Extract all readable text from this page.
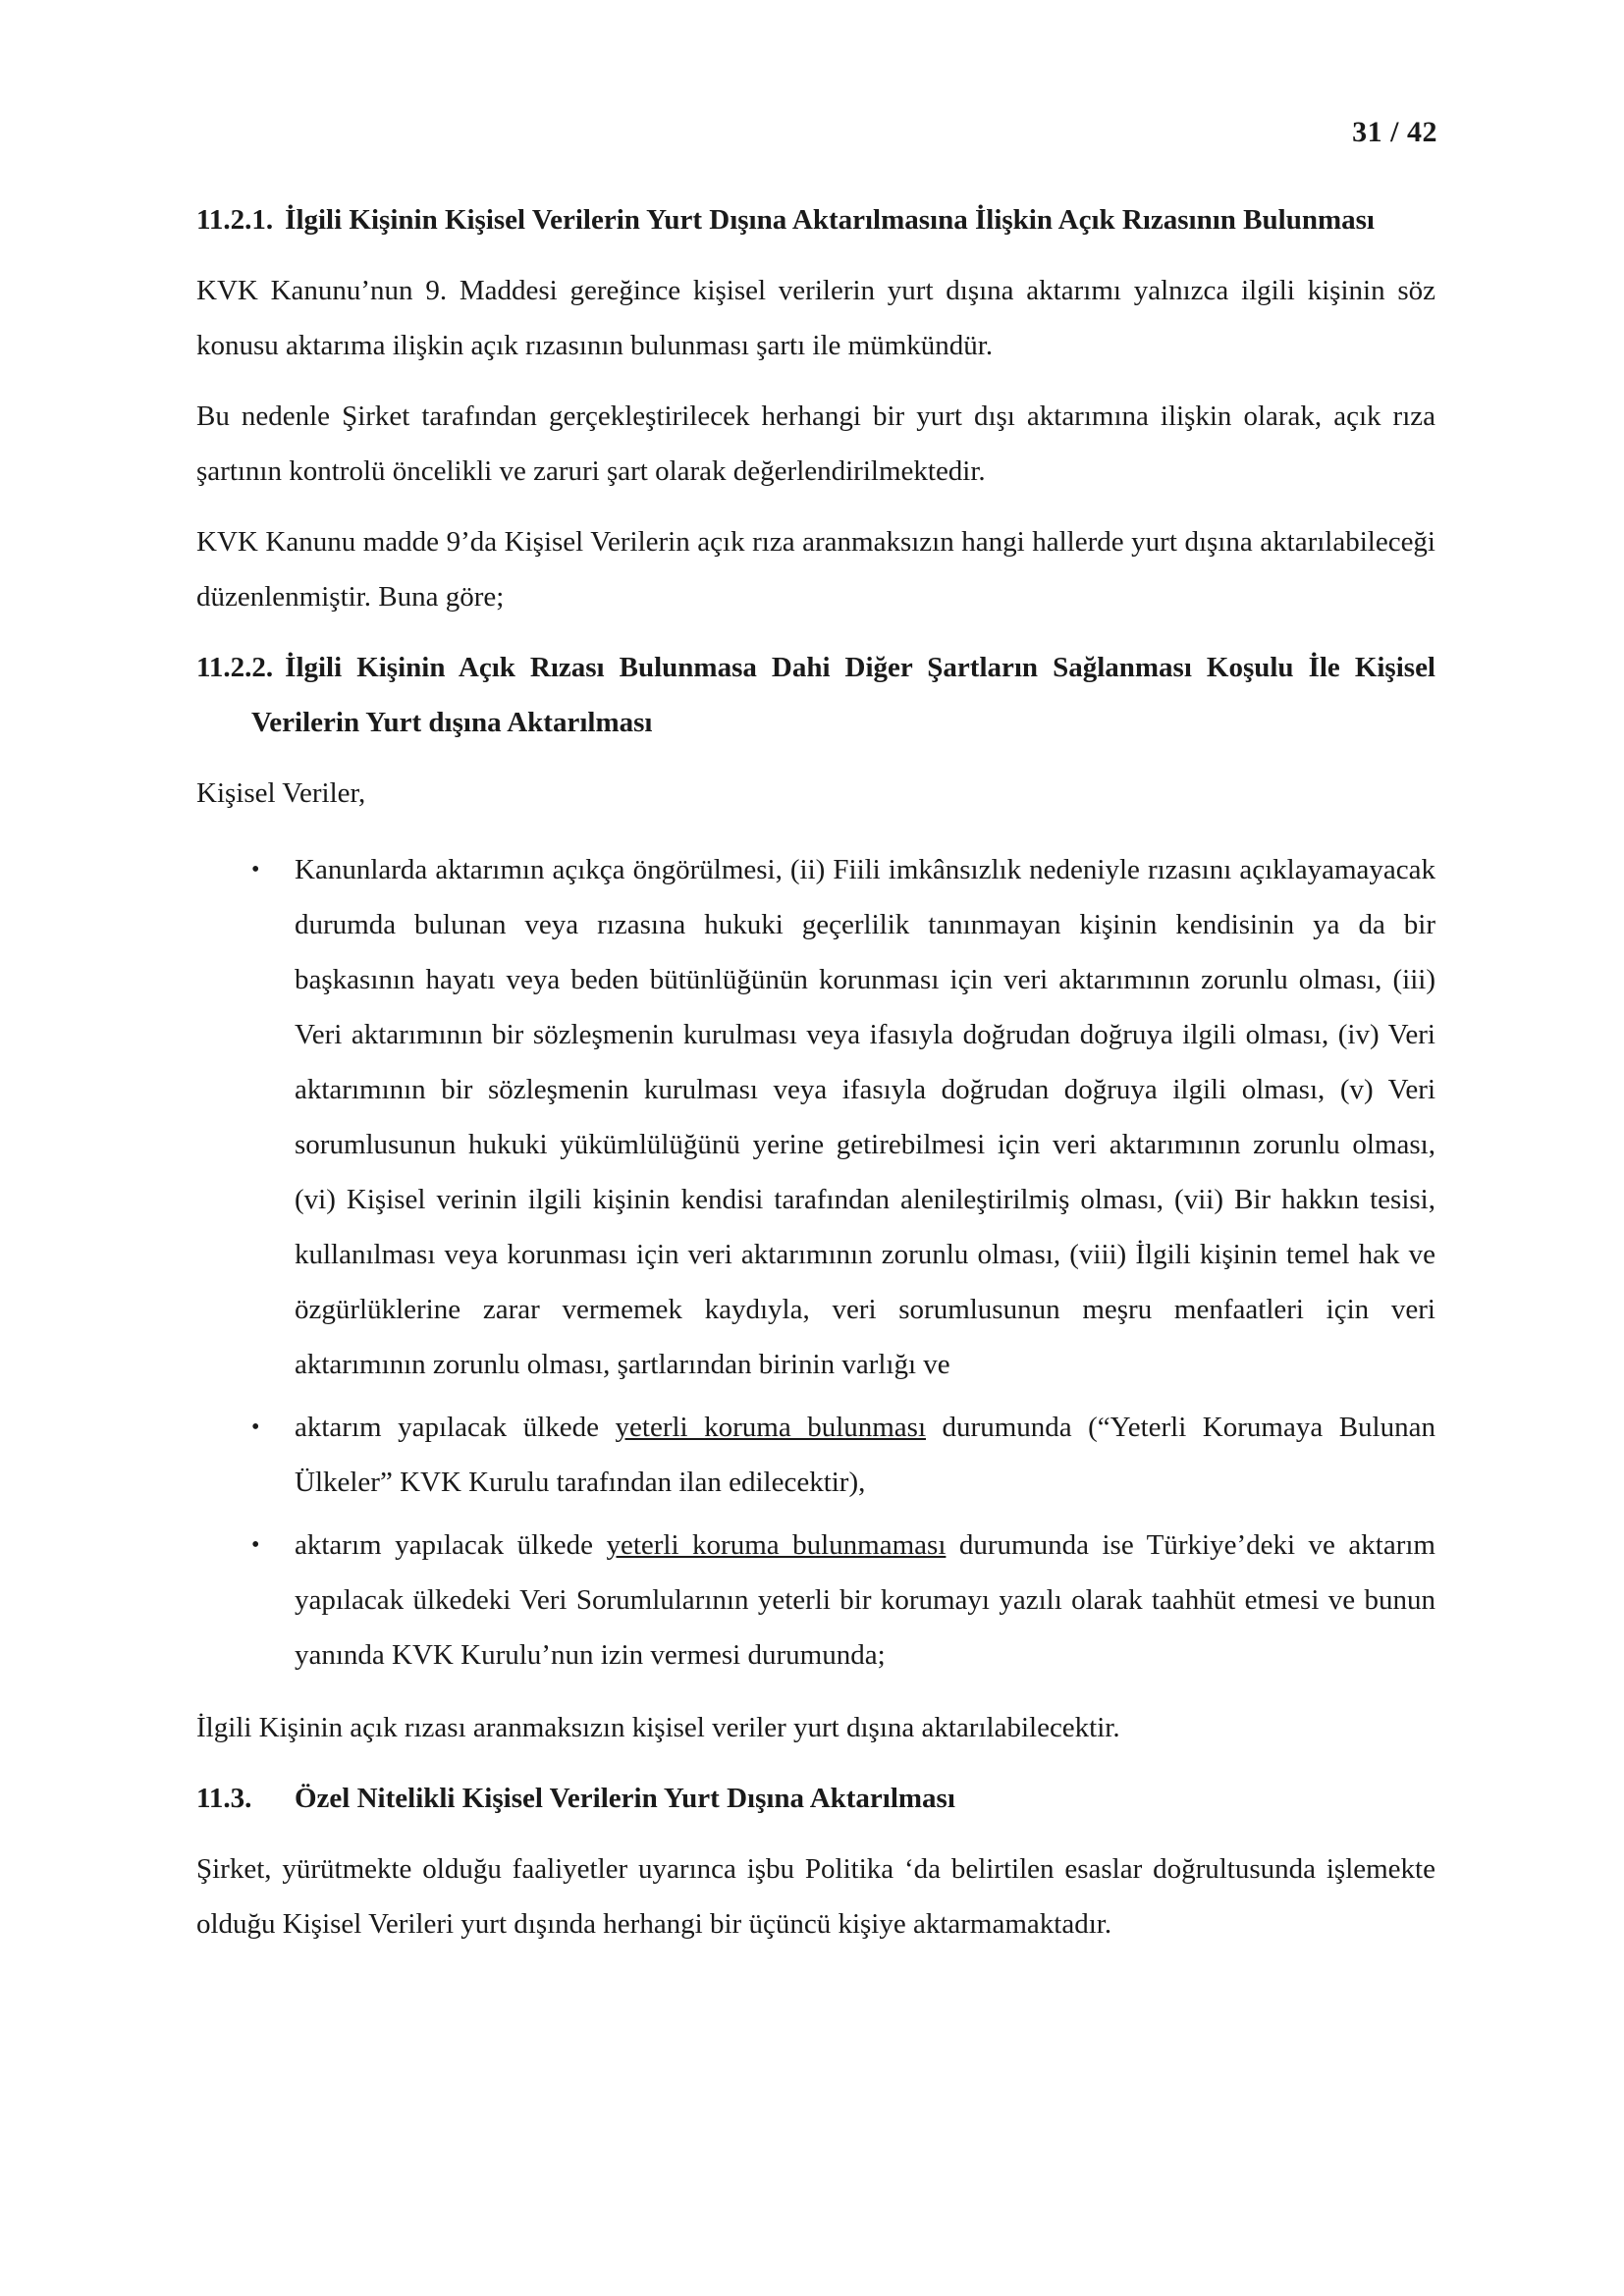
31 / 42
11.2.1. İlgili Kişinin Kişisel Verilerin Yurt Dışına Aktarılmasına İlişkin Açık Rızasının Bulunması

KVK Kanunu’nun 9. Maddesi gereğince kişisel verilerin yurt dışına aktarımı yalnızca ilgili kişinin söz konusu aktarıma ilişkin açık rızasının bulunması şartı ile mümkündür.

Bu nedenle Şirket tarafından gerçekleştirilecek herhangi bir yurt dışı aktarımına ilişkin olarak, açık rıza şartının kontrolü öncelikli ve zaruri şart olarak değerlendirilmektedir.

KVK Kanunu madde 9’da Kişisel Verilerin açık rıza aranmaksızın hangi hallerde yurt dışına aktarılabileceği düzenlenmiştir. Buna göre;

11.2.2. İlgili Kişinin Açık Rızası Bulunmasa Dahi Diğer Şartların Sağlanması Koşulu İle Kişisel Verilerin Yurt dışına Aktarılması

Kişisel Veriler,

• Kanunlarda aktarımın açıkça öngörülmesi, (ii) Fiili imkânsızlık nedeniyle rızasını açıklayamayacak durumda bulunan veya rızasına hukuki geçerlilik tanınmayan kişinin kendisinin ya da bir başkasının hayatı veya beden bütünlüğünün korunması için veri aktarımının zorunlu olması, (iii) Veri aktarımının bir sözleşmenin kurulması veya ifasıyla doğrudan doğruya ilgili olması, (iv) Veri aktarımının bir sözleşmenin kurulması veya ifasıyla doğrudan doğruya ilgili olması, (v) Veri sorumlusunun hukuki yükümlülüğünü yerine getirebilmesi için veri aktarımının zorunlu olması, (vi) Kişisel verinin ilgili kişinin kendisi tarafından alenileştirilmiş olması, (vii) Bir hakkın tesisi, kullanılması veya korunması için veri aktarımının zorunlu olması, (viii) İlgili kişinin temel hak ve özgürlüklerine zarar vermemek kaydıyla, veri sorumlusunun meşru menfaatleri için veri aktarımının zorunlu olması, şartlarından birinin varlığı ve
• aktarım yapılacak ülkede yeterli koruma bulunması durumunda (“Yeterli Korumaya Bulunan Ülkeler” KVK Kurulu tarafından ilan edilecektir),
• aktarım yapılacak ülkede yeterli koruma bulunmaması durumunda ise Türkiye’deki ve aktarım yapılacak ülkedeki Veri Sorumlularının yeterli bir korumayı yazılı olarak taahhüt etmesi ve bunun yanında KVK Kurulu’nun izin vermesi durumunda;

İlgili Kişinin açık rızası aranmaksızın kişisel veriler yurt dışına aktarılabilecektir.

11.3. Özel Nitelikli Kişisel Verilerin Yurt Dışına Aktarılması

Şirket, yürütmekte olduğu faaliyetler uyarınca işbu Politika ‘da belirtilen esaslar doğrultusunda işlemekte olduğu Kişisel Verileri yurt dışında herhangi bir üçüncü kişiye aktarmamaktadır.
